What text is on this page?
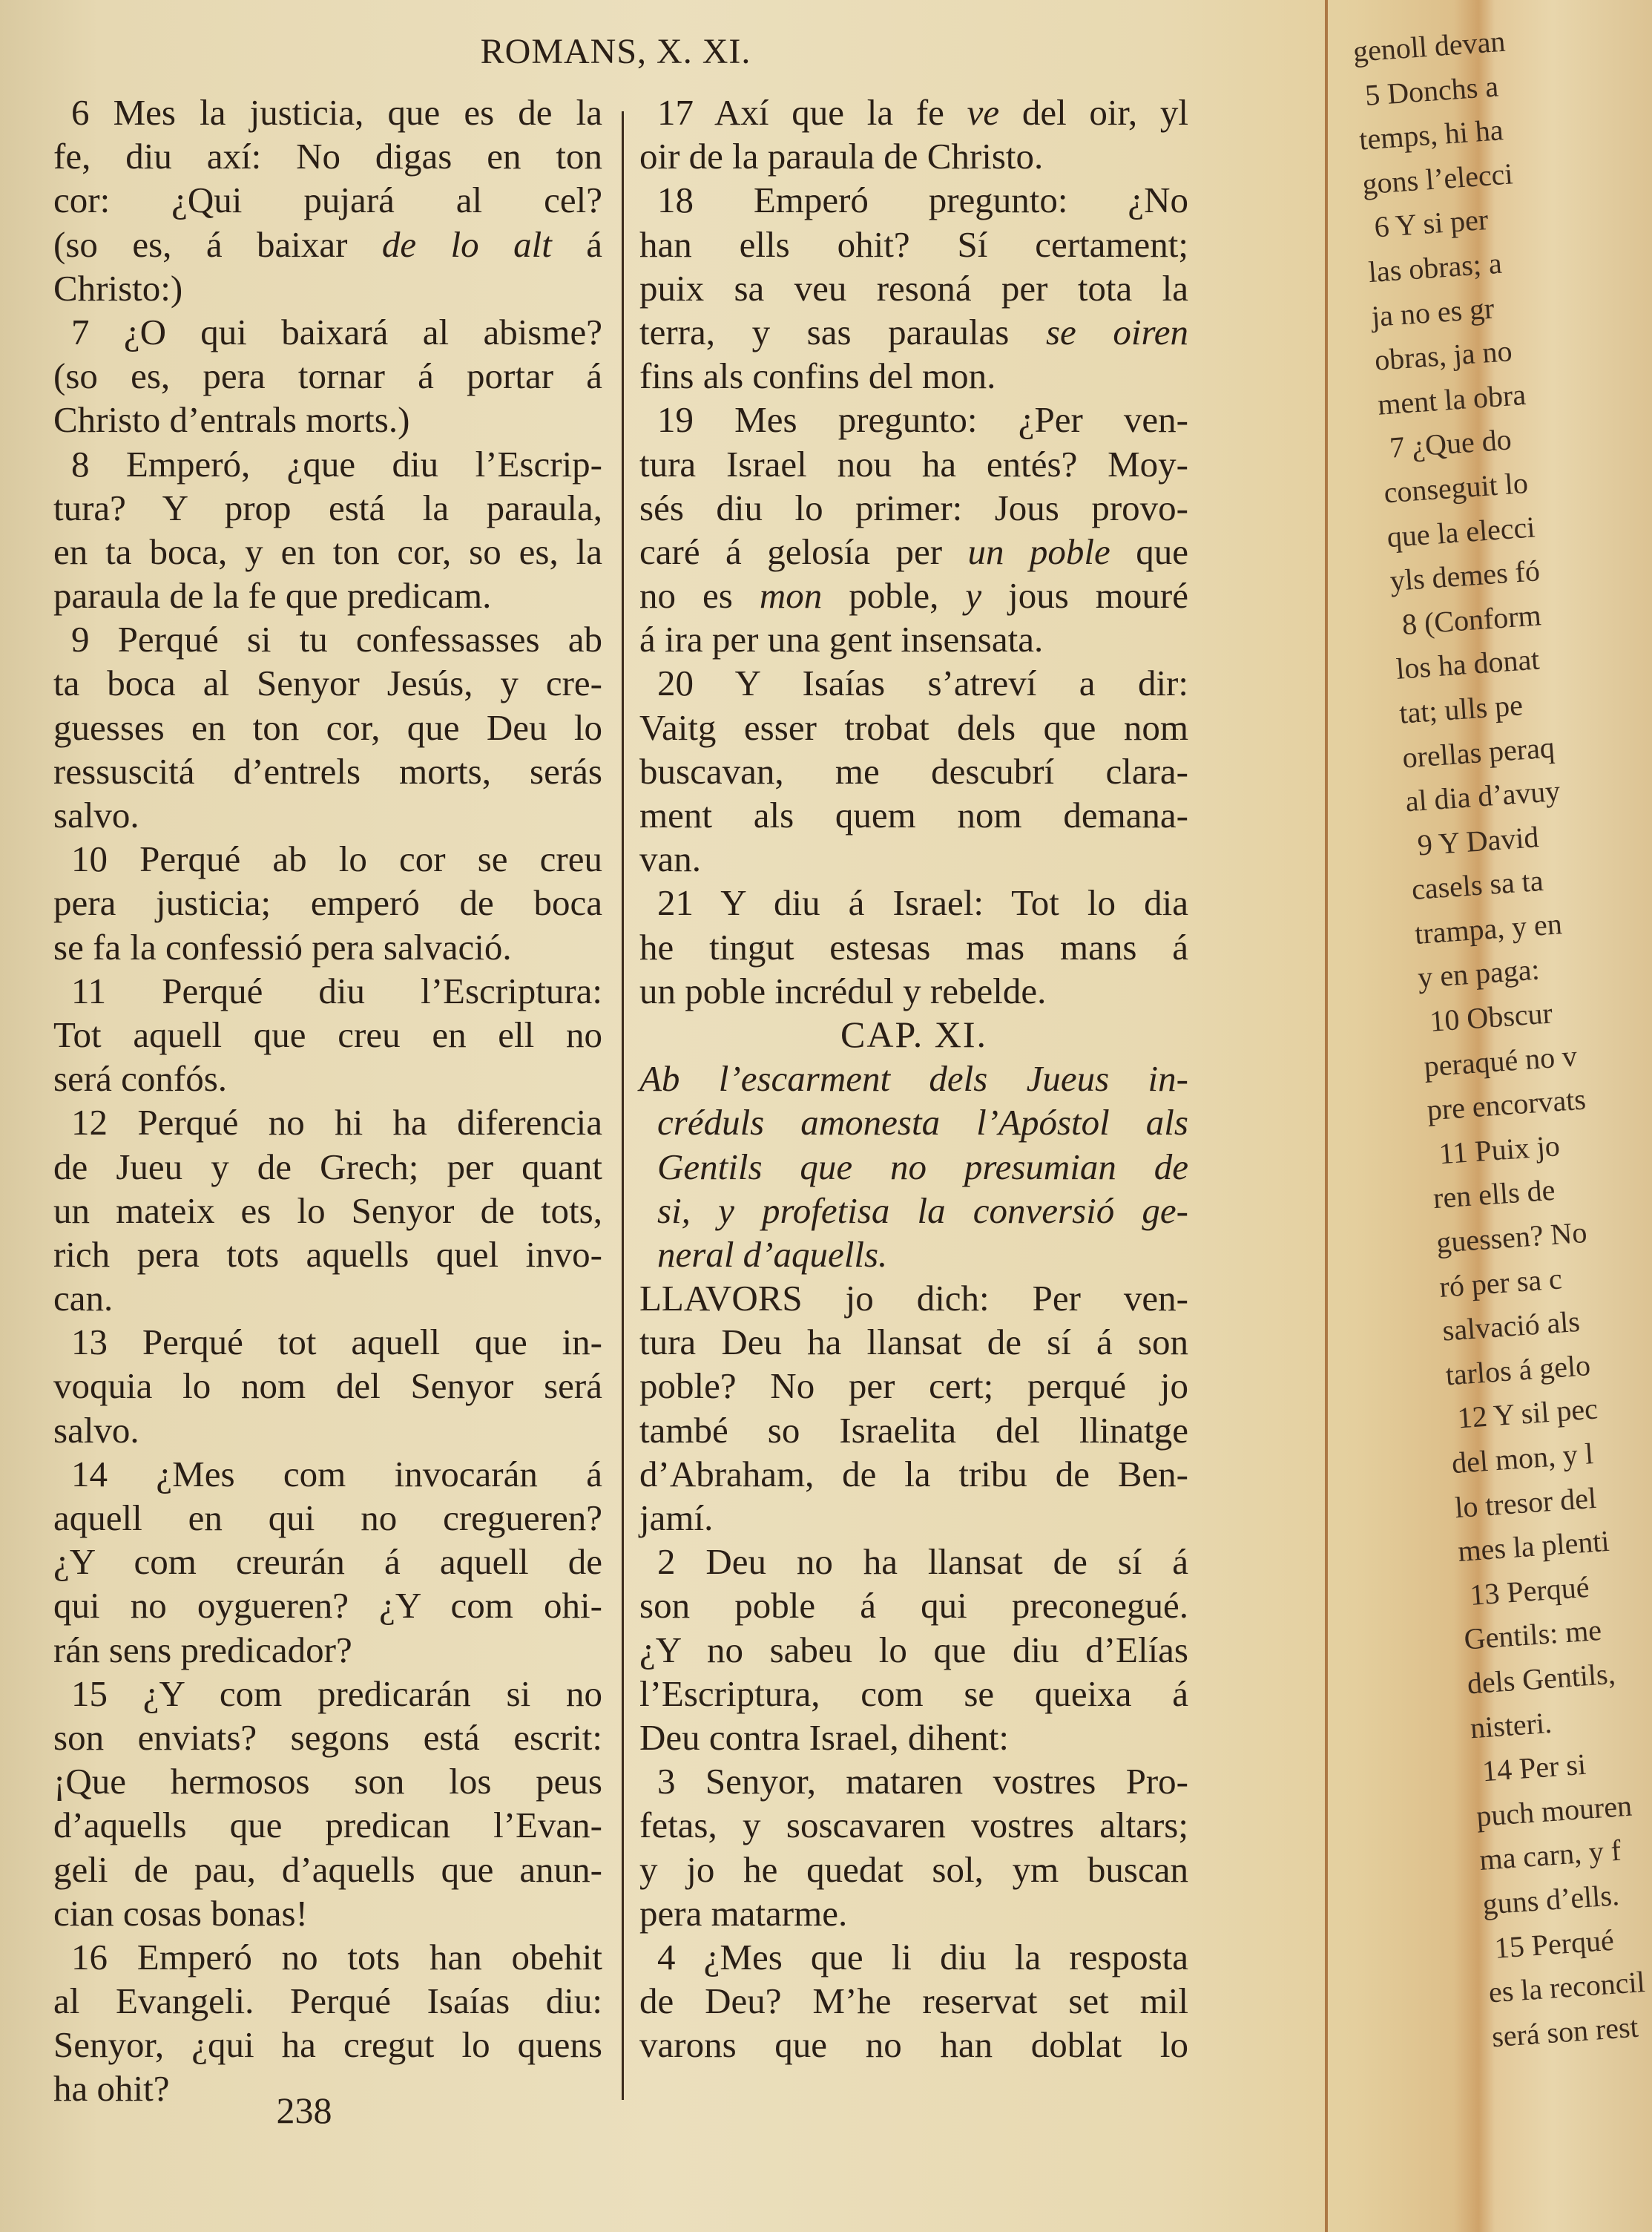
ROMANS, X. XI.
6 Mes la justicia, que es de la
fe, diu axí: No digas en ton
cor: ¿Qui pujará al cel?
(so es, á baixar de lo alt á
Christo:)
7 ¿O qui baixará al abisme?
(so es, pera tornar á portar á
Christo d’entrals morts.)
8 Emperó, ¿que diu l’Escrip-
tura? Y prop está la paraula,
en ta boca, y en ton cor, so es, la
paraula de la fe que predicam.
9 Perqué si tu confessasses ab
ta boca al Senyor Jesús, y cre-
guesses en ton cor, que Deu lo
ressuscitá d’entrels morts, serás
salvo.
10 Perqué ab lo cor se creu
pera justicia; emperó de boca
se fa la confessió pera salvació.
11 Perqué diu l’Escriptura:
Tot aquell que creu en ell no
será confós.
12 Perqué no hi ha diferencia
de Jueu y de Grech; per quant
un mateix es lo Senyor de tots,
rich pera tots aquells quel invo-
can.
13 Perqué tot aquell que in-
voquia lo nom del Senyor será
salvo.
14 ¿Mes com invocarán á
aquell en qui no cregueren?
¿Y com creurán á aquell de
qui no oygueren? ¿Y com ohi-
rán sens predicador?
15 ¿Y com predicarán si no
son enviats? segons está escrit:
¡Que hermosos son los peus
d’aquells que predican l’Evan-
geli de pau, d’aquells que anun-
cian cosas bonas!
16 Emperó no tots han obehit
al Evangeli. Perqué Isaías diu:
Senyor, ¿qui ha cregut lo quens
ha ohit?
17 Axí que la fe ve del oir, yl
oir de la paraula de Christo.
18 Emperó pregunto: ¿No
han ells ohit? Sí certament;
puix sa veu resoná per tota la
terra, y sas paraulas se oiren
fins als confins del mon.
19 Mes pregunto: ¿Per ven-
tura Israel nou ha entés? Moy-
sés diu lo primer: Jous provo-
caré á gelosía per un poble que
no es mon poble, y jous mouré
á ira per una gent insensata.
20 Y Isaías s’atreví a dir:
Vaitg esser trobat dels que nom
buscavan, me descubrí clara-
ment als quem nom demana-
van.
21 Y diu á Israel: Tot lo dia
he tingut estesas mas mans á
un poble incrédul y rebelde.
CAP. XI.
Ab l’escarment dels Jueus in-
créduls amonesta l’Apóstol als
Gentils que no presumian de
si, y profetisa la conversió ge-
neral d’aquells.
LLAVORS jo dich: Per ven-
tura Deu ha llansat de sí á son
poble? No per cert; perqué jo
també so Israelita del llinatge
d’Abraham, de la tribu de Ben-
jamí.
2 Deu no ha llansat de sí á
son poble á qui preconegué.
¿Y no sabeu lo que diu d’Elías
l’Escriptura, com se queixa á
Deu contra Israel, dihent:
3 Senyor, mataren vostres Pro-
fetas, y soscavaren vostres altars;
y jo he quedat sol, ym buscan
pera matarme.
4 ¿Mes que li diu la resposta
de Deu? M’he reservat set mil
varons que no han doblat lo
238
genoll devan
5 Donchs a
temps, hi ha
gons l’elecci
6 Y si per
las obras; a
ja no es gr
obras, ja no
ment la obra
7 ¿Que do
conseguit lo
que la elecci
yls demes fó
8 (Conform
los ha donat
tat; ulls pe
orellas peraq
al dia d’avuy
9 Y David
casels sa ta
trampa, y en
y en paga:
10 Obscur
peraqué no v
pre encorvats
11 Puix jo
ren ells de
guessen? No
ró per sa c
salvació als
tarlos á gelo
12 Y sil pec
del mon, y l
lo tresor del
mes la plenti
13 Perqué
Gentils: me
dels Gentils,
nisteri.
14 Per si
puch mouren
ma carn, y f
guns d’ells.
15 Perqué
es la reconcil
será son rest
